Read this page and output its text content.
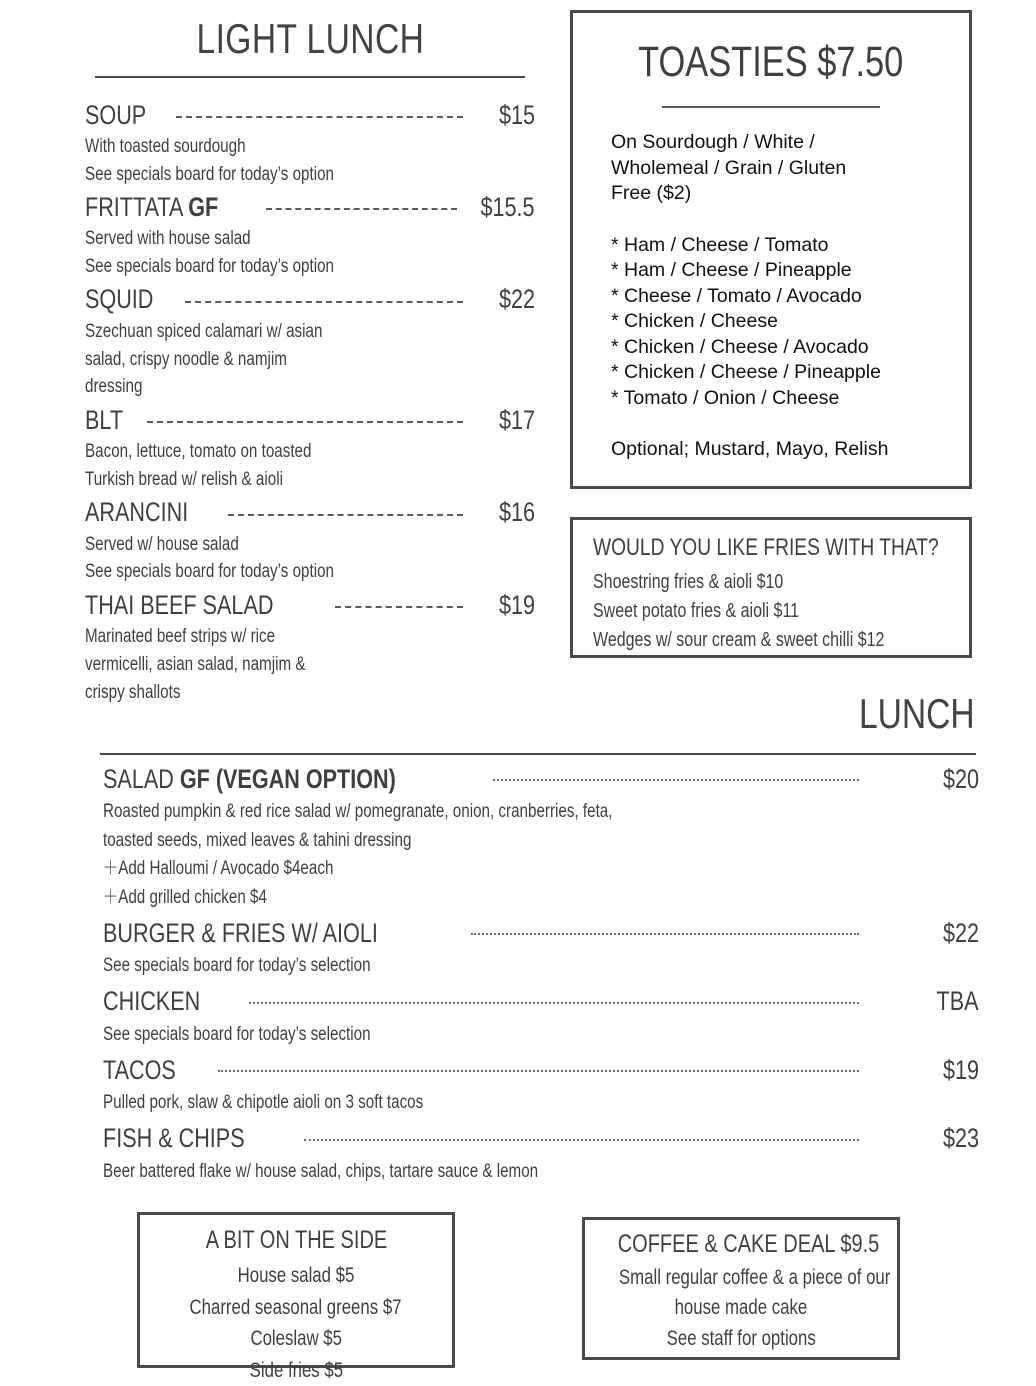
LIGHT LUNCH
SOUP	$15
With toasted sourdough
See specials board for today’s option
FRITTATA GF	$15.5
Served with house salad
See specials board for today’s option
SQUID	$22
Szechuan spiced calamari w/ asian
salad, crispy noodle & namjim
dressing
BLT	$17
Bacon, lettuce, tomato on toasted
Turkish bread w/ relish & aioli
ARANCINI	$16
Served w/ house salad
See specials board for today’s option
THAI BEEF SALAD	$19
Marinated beef strips w/ rice
vermicelli, asian salad, namjim &
crispy shallots
TOASTIES $7.50
On Sourdough / White /
Wholemeal / Grain / Gluten
Free ($2)
* Ham / Cheese / Tomato
* Ham / Cheese / Pineapple
* Cheese / Tomato / Avocado
* Chicken / Cheese
* Chicken / Cheese / Avocado
* Chicken / Cheese / Pineapple
* Tomato / Onion / Cheese
Optional; Mustard, Mayo, Relish
WOULD YOU LIKE FRIES WITH THAT?
Shoestring fries & aioli $10
Sweet potato fries & aioli $11
Wedges w/ sour cream & sweet chilli $12
LUNCH
SALAD GF (VEGAN OPTION)	$20
Roasted pumpkin & red rice salad w/ pomegranate, onion, cranberries, feta,
toasted seeds, mixed leaves & tahini dressing
＋Add Halloumi / Avocado $4each
＋Add grilled chicken $4
BURGER & FRIES W/ AIOLI	$22
See specials board for today’s selection
CHICKEN	TBA
See specials board for today’s selection
TACOS	$19
Pulled pork, slaw & chipotle aioli on 3 soft tacos
FISH & CHIPS	$23
Beer battered flake w/ house salad, chips, tartare sauce & lemon
A BIT ON THE SIDE
House salad $5
Charred seasonal greens $7
Coleslaw $5
Side fries $5
COFFEE & CAKE DEAL $9.5
Small regular coffee & a piece of our
house made cake
See staff for options
